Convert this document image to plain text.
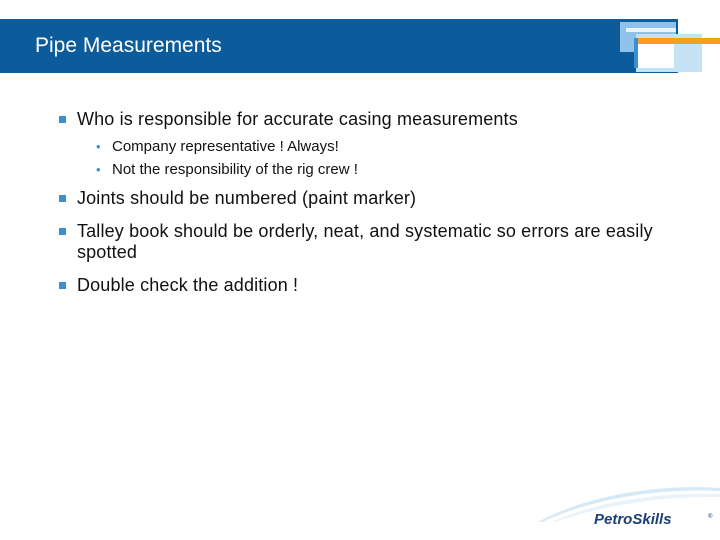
Pipe Measurements
Who is responsible for accurate casing measurements
• Company representative ! Always!
• Not the responsibility of the rig crew !
Joints should be numbered (paint marker)
Talley book should be orderly, neat, and systematic so errors are easily spotted
Double check the addition !
PetroSkills	®
